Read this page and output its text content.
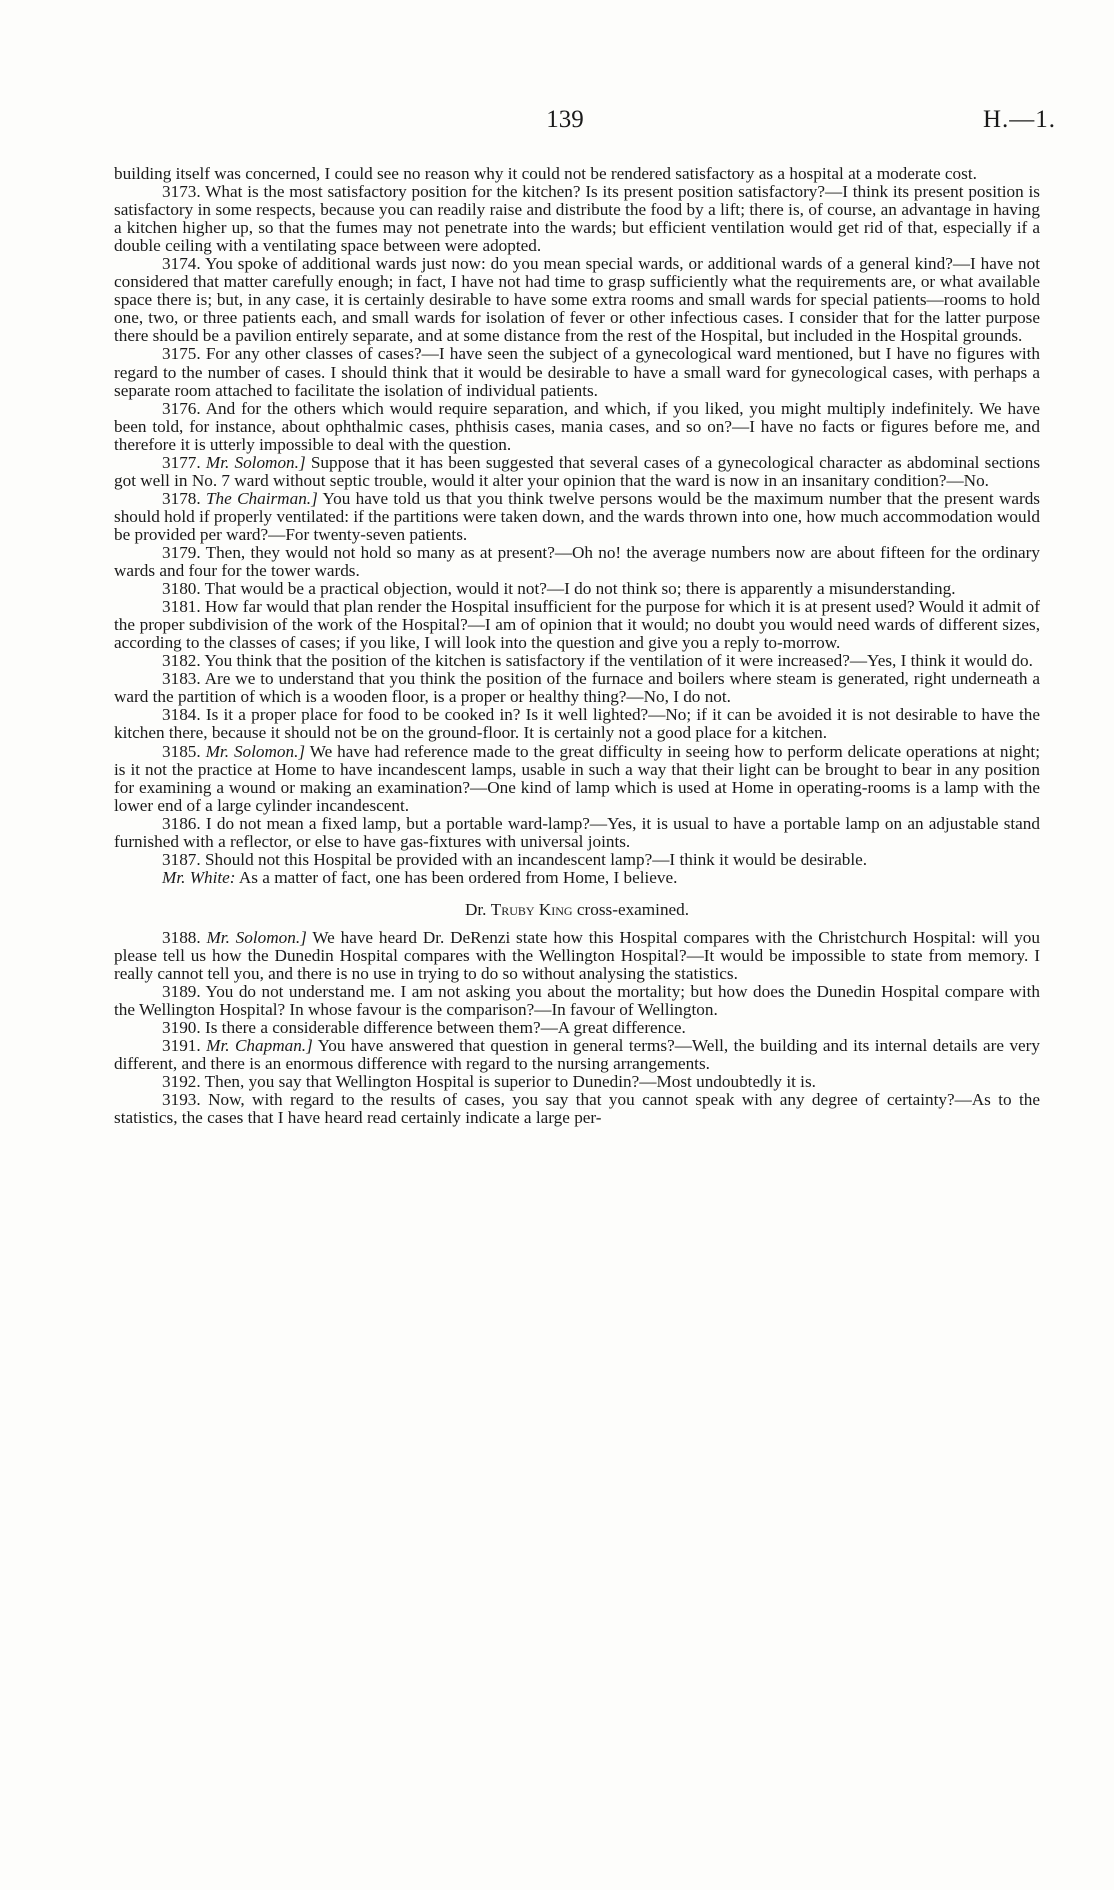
139	H.—1.

building itself was concerned, I could see no reason why it could not be rendered satisfactory as a hospital at a moderate cost.

3173. What is the most satisfactory position for the kitchen? Is its present position satisfactory?—I think its present position is satisfactory in some respects, because you can readily raise and distribute the food by a lift; there is, of course, an advantage in having a kitchen higher up, so that the fumes may not penetrate into the wards; but efficient ventilation would get rid of that, especially if a double ceiling with a ventilating space between were adopted.

3174. You spoke of additional wards just now: do you mean special wards, or additional wards of a general kind?—I have not considered that matter carefully enough; in fact, I have not had time to grasp sufficiently what the requirements are, or what available space there is; but, in any case, it is certainly desirable to have some extra rooms and small wards for special patients—rooms to hold one, two, or three patients each, and small wards for isolation of fever or other infectious cases. I consider that for the latter purpose there should be a pavilion entirely separate, and at some distance from the rest of the Hospital, but included in the Hospital grounds.

3175. For any other classes of cases?—I have seen the subject of a gynecological ward mentioned, but I have no figures with regard to the number of cases. I should think that it would be desirable to have a small ward for gynecological cases, with perhaps a separate room attached to facilitate the isolation of individual patients.

3176. And for the others which would require separation, and which, if you liked, you might multiply indefinitely. We have been told, for instance, about ophthalmic cases, phthisis cases, mania cases, and so on?—I have no facts or figures before me, and therefore it is utterly impossible to deal with the question.

3177. Mr. Solomon.] Suppose that it has been suggested that several cases of a gynecological character as abdominal sections got well in No. 7 ward without septic trouble, would it alter your opinion that the ward is now in an insanitary condition?—No.

3178. The Chairman.] You have told us that you think twelve persons would be the maximum number that the present wards should hold if properly ventilated: if the partitions were taken down, and the wards thrown into one, how much accommodation would be provided per ward?—For twenty-seven patients.

3179. Then, they would not hold so many as at present?—Oh no! the average numbers now are about fifteen for the ordinary wards and four for the tower wards.

3180. That would be a practical objection, would it not?—I do not think so; there is apparently a misunderstanding.

3181. How far would that plan render the Hospital insufficient for the purpose for which it is at present used? Would it admit of the proper subdivision of the work of the Hospital?—I am of opinion that it would; no doubt you would need wards of different sizes, according to the classes of cases; if you like, I will look into the question and give you a reply to-morrow.

3182. You think that the position of the kitchen is satisfactory if the ventilation of it were increased?—Yes, I think it would do.

3183. Are we to understand that you think the position of the furnace and boilers where steam is generated, right underneath a ward the partition of which is a wooden floor, is a proper or healthy thing?—No, I do not.

3184. Is it a proper place for food to be cooked in? Is it well lighted?—No; if it can be avoided it is not desirable to have the kitchen there, because it should not be on the ground-floor. It is certainly not a good place for a kitchen.

3185. Mr. Solomon.] We have had reference made to the great difficulty in seeing how to perform delicate operations at night; is it not the practice at Home to have incandescent lamps, usable in such a way that their light can be brought to bear in any position for examining a wound or making an examination?—One kind of lamp which is used at Home in operating-rooms is a lamp with the lower end of a large cylinder incandescent.

3186. I do not mean a fixed lamp, but a portable ward-lamp?—Yes, it is usual to have a portable lamp on an adjustable stand furnished with a reflector, or else to have gas-fixtures with universal joints.

3187. Should not this Hospital be provided with an incandescent lamp?—I think it would be desirable.

Mr. White: As a matter of fact, one has been ordered from Home, I believe.

Dr. Truby King cross-examined.

3188. Mr. Solomon.] We have heard Dr. DeRenzi state how this Hospital compares with the Christchurch Hospital: will you please tell us how the Dunedin Hospital compares with the Wellington Hospital?—It would be impossible to state from memory. I really cannot tell you, and there is no use in trying to do so without analysing the statistics.

3189. You do not understand me. I am not asking you about the mortality; but how does the Dunedin Hospital compare with the Wellington Hospital? In whose favour is the comparison?—In favour of Wellington.

3190. Is there a considerable difference between them?—A great difference.

3191. Mr. Chapman.] You have answered that question in general terms?—Well, the building and its internal details are very different, and there is an enormous difference with regard to the nursing arrangements.

3192. Then, you say that Wellington Hospital is superior to Dunedin?—Most undoubtedly it is.

3193. Now, with regard to the results of cases, you say that you cannot speak with any degree of certainty?—As to the statistics, the cases that I have heard read certainly indicate a large per-
